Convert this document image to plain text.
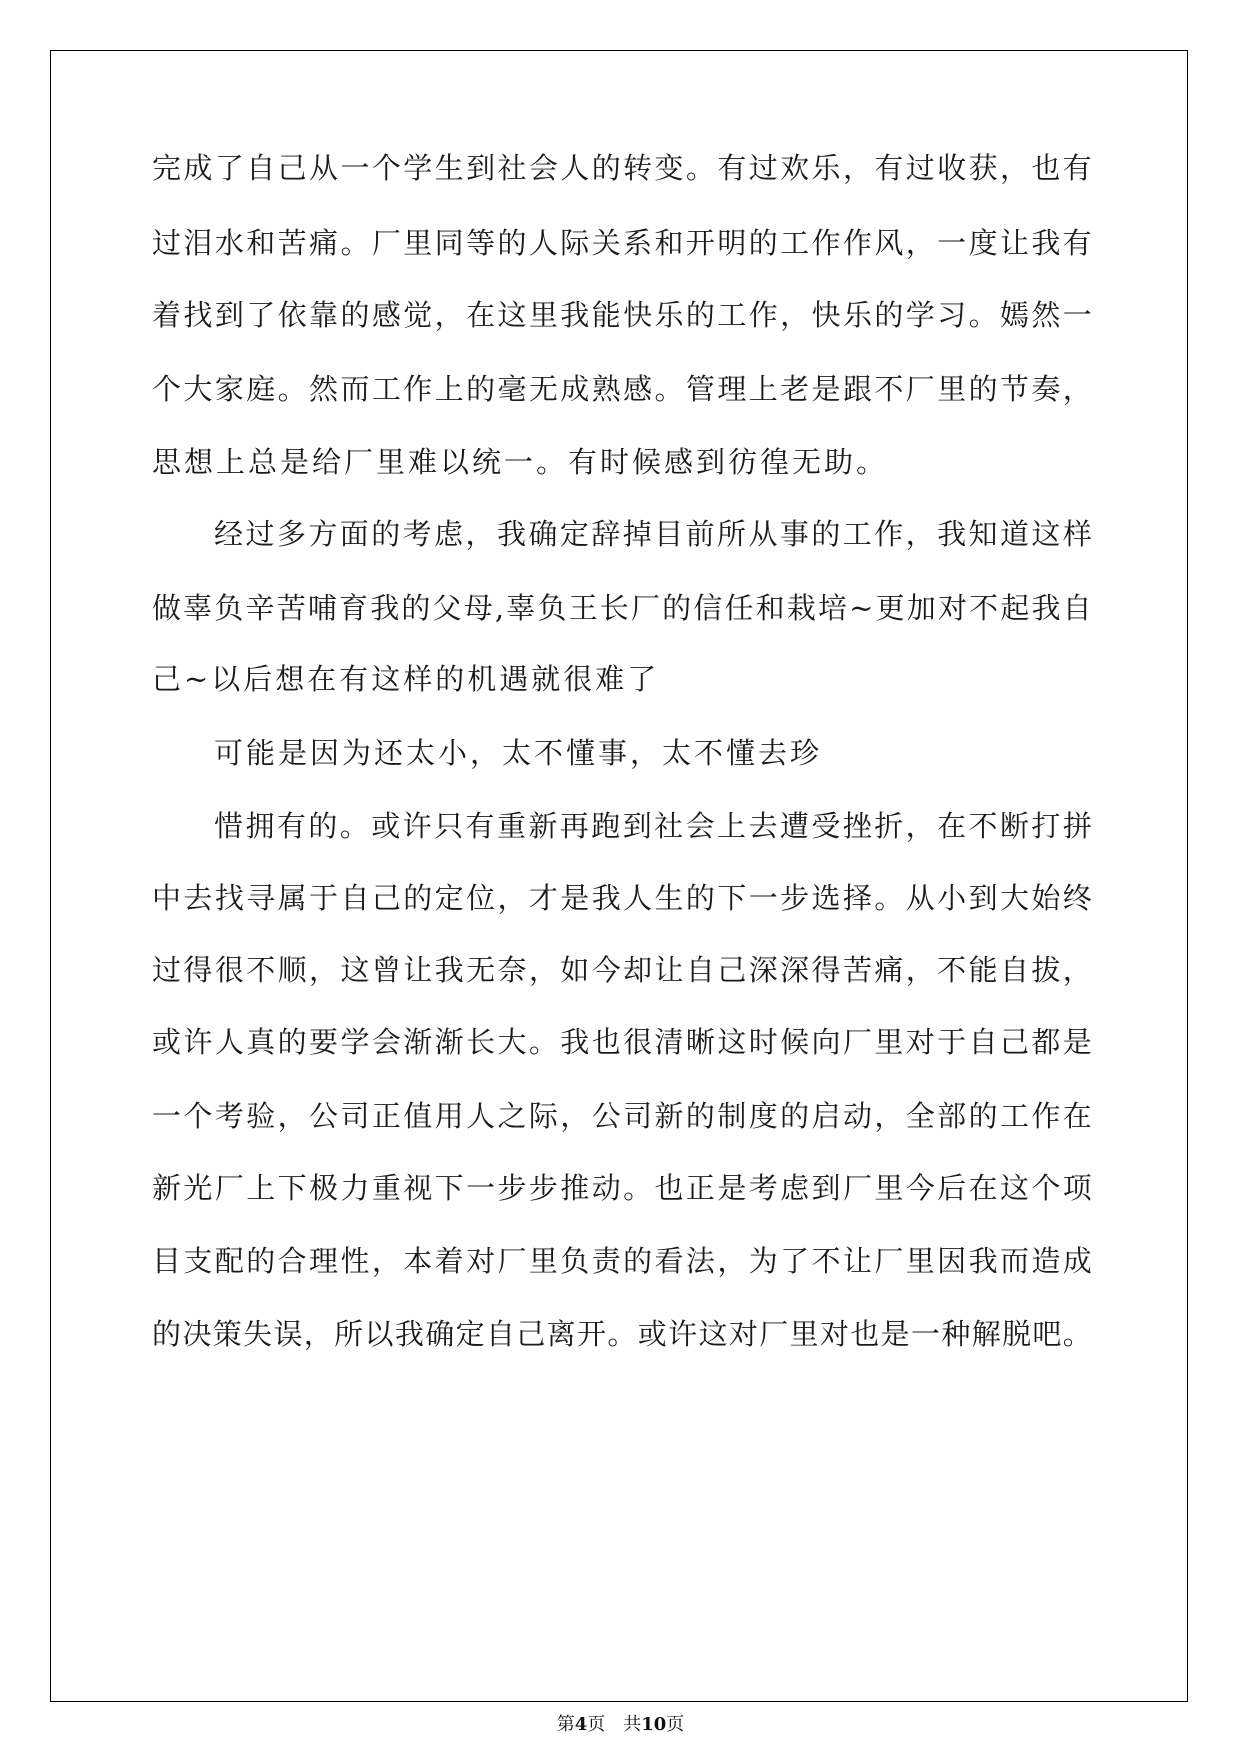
完 成 了 自 己 从 一 个 学 生 到 社 会 人 的 转 变 。 有 过 欢 乐 ， 有 过 收 获 ， 也 有
过 泪 水 和 苦 痛 。 厂 里 同 等 的 人 际 关 系 和 开 明 的 工 作 作 风 ， 一 度 让 我 有
着 找 到 了 依 靠 的 感 觉 ， 在 这 里 我 能 快 乐 的 工 作 ， 快 乐 的 学 习 。 嫣 然 一
个 大 家 庭 。 然 而 工 作 上 的 毫 无 成 熟 感 。 管 理 上 老 是 跟 不 厂 里 的 节 奏 ，
思想上总是给厂里难以统一。有时候感到彷徨无助。
经 过 多 方 面 的 考 虑 ， 我 确 定 辞 掉 目 前 所 从 事 的 工 作 ， 我 知 道 这 样
做 辜 负 辛 苦 哺 育 我 的 父 母 , 辜 负 王 长 厂 的 信 任 和 栽 培 ~ 更 加 对 不 起 我 自
己~以后想在有这样的机遇就很难了
可能是因为还太小，太不懂事，太不懂去珍
惜 拥 有 的 。 或 许 只 有 重 新 再 跑 到 社 会 上 去 遭 受 挫 折 ， 在 不 断 打 拼
中 去 找 寻 属 于 自 己 的 定 位 ， 才 是 我 人 生 的 下 一 步 选 择 。 从 小 到 大 始 终
过 得 很 不 顺 ， 这 曾 让 我 无 奈 ， 如 今 却 让 自 己 深 深 得 苦 痛 ， 不 能 自 拔 ，
或 许 人 真 的 要 学 会 渐 渐 长 大 。 我 也 很 清 晰 这 时 候 向 厂 里 对 于 自 己 都 是
一 个 考 验 ， 公 司 正 值 用 人 之 际 ， 公 司 新 的 制 度 的 启 动 ， 全 部 的 工 作 在
新 光 厂 上 下 极 力 重 视 下 一 步 步 推 动 。 也 正 是 考 虑 到 厂 里 今 后 在 这 个 项
目 支 配 的 合 理 性 ， 本 着 对 厂 里 负 责 的 看 法 ， 为 了 不 让 厂 里 因 我 而 造 成
的 决 策 失 误 ， 所 以 我 确 定 自 己 离 开 。 或 许 这 对 厂 里 对 也 是 一 种 解 脱 吧 。
第4页　共10页
